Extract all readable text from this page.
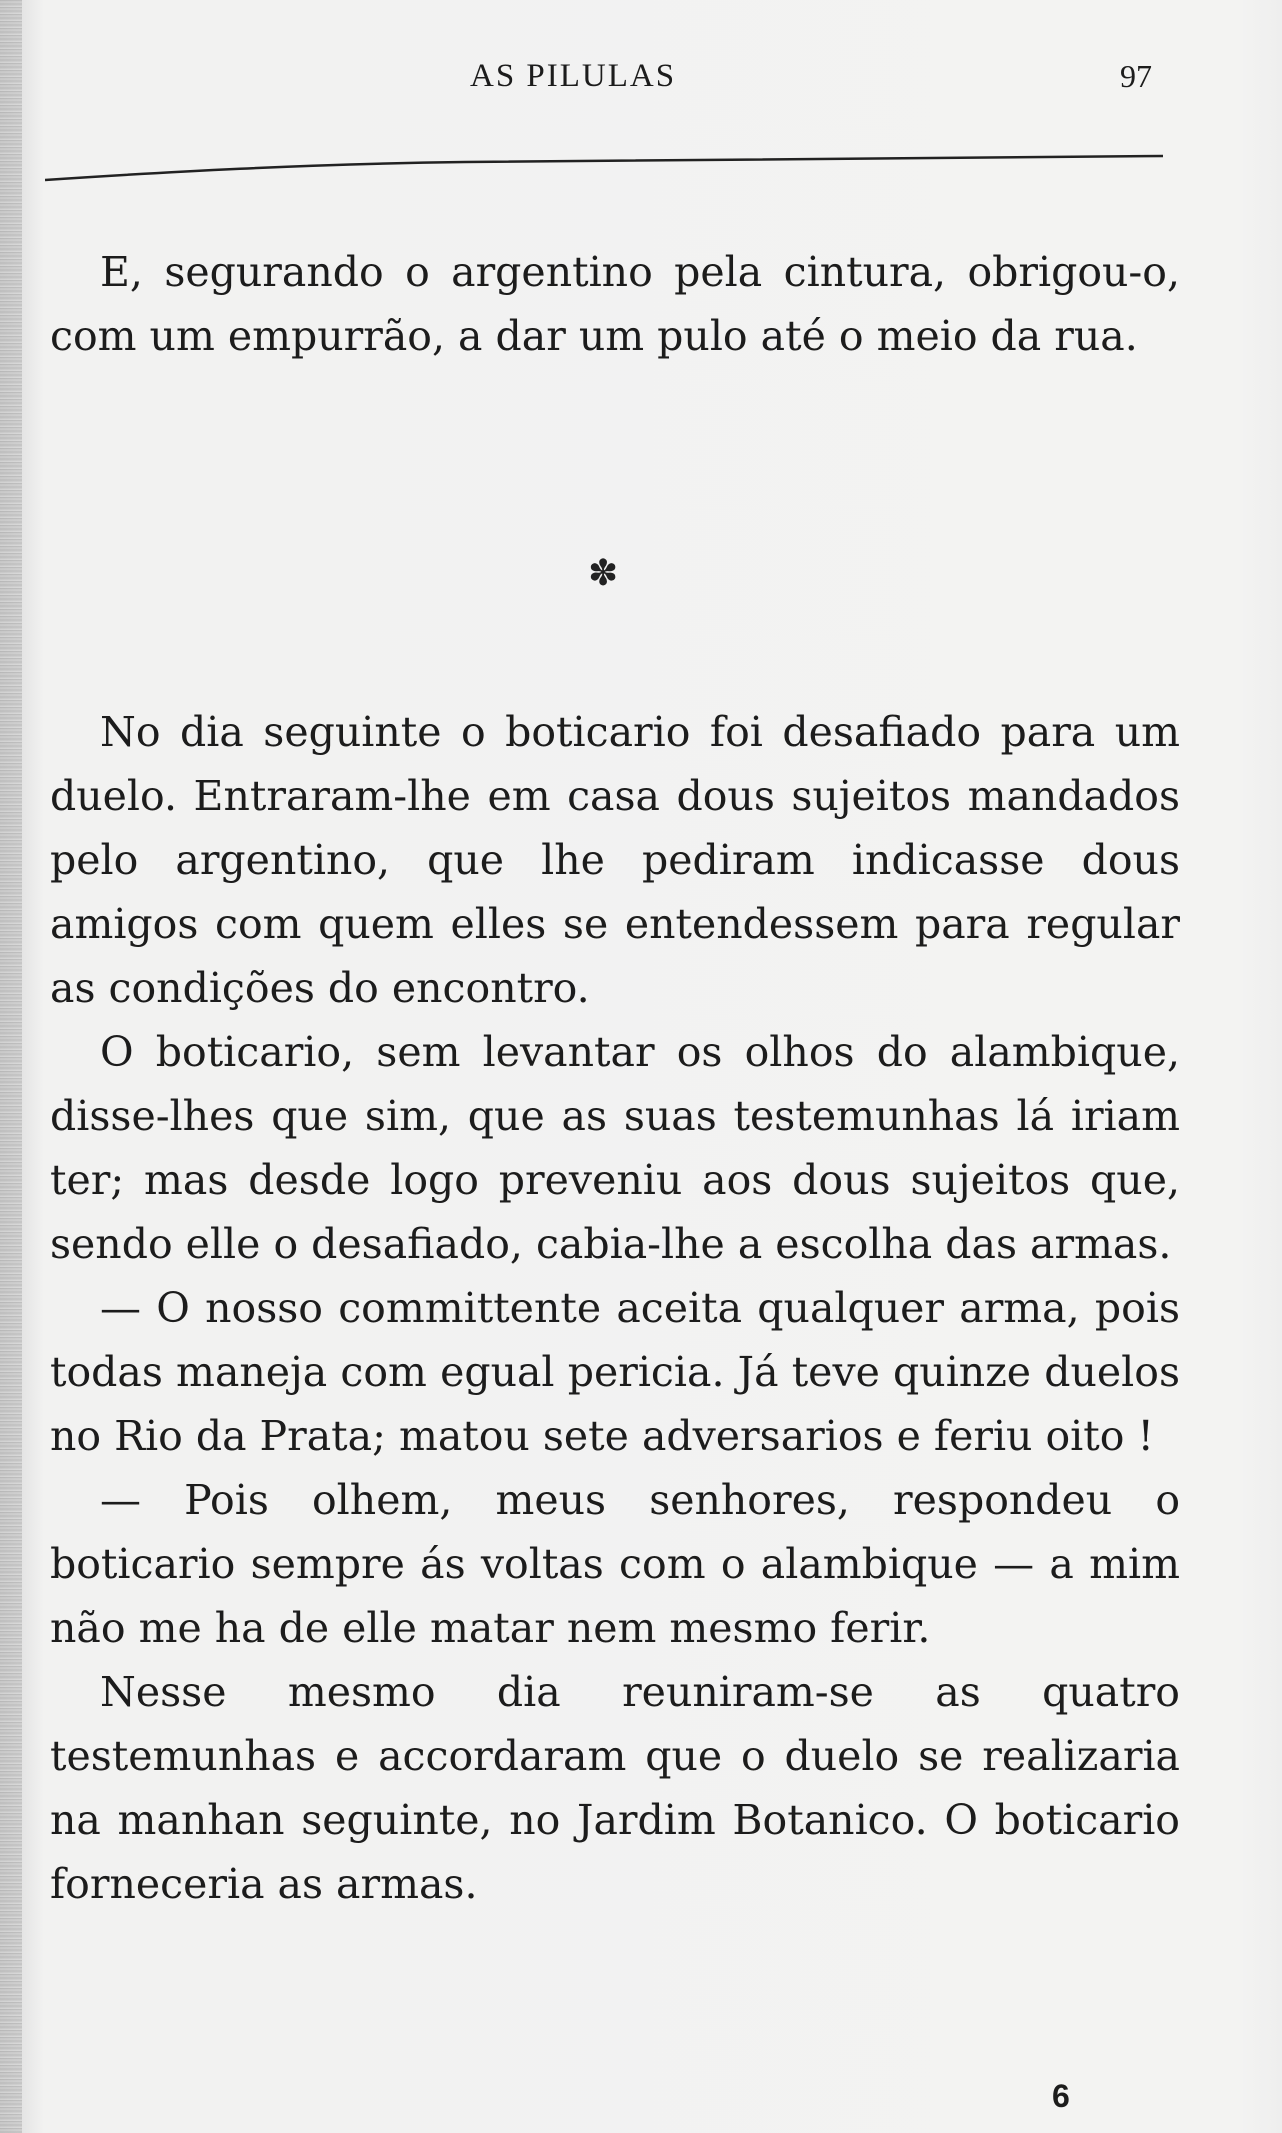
AS PILULAS	97

E, segurando o argentino pela cintura, obrigou-o, com um empurrão, a dar um pulo até o meio da rua.

✽

No dia seguinte o boticario foi desafiado para um duelo. Entraram-lhe em casa dous sujeitos mandados pelo argentino, que lhe pediram indicasse dous amigos com quem elles se entendessem para regular as condições do encontro.

O boticario, sem levantar os olhos do alambique, disse-lhes que sim, que as suas testemunhas lá iriam ter; mas desde logo preveniu aos dous sujeitos que, sendo elle o desafiado, cabia-lhe a escolha das armas.

— O nosso committente aceita qualquer arma, pois todas maneja com egual pericia. Já teve quinze duelos no Rio da Prata; matou sete adversarios e feriu oito !

— Pois olhem, meus senhores, respondeu o boticario sempre ás voltas com o alambique — a mim não me ha de elle matar nem mesmo ferir.

Nesse mesmo dia reuniram-se as quatro testemunhas e accordaram que o duelo se realizaria na manhan seguinte, no Jardim Botanico. O boticario forneceria as armas.

6
